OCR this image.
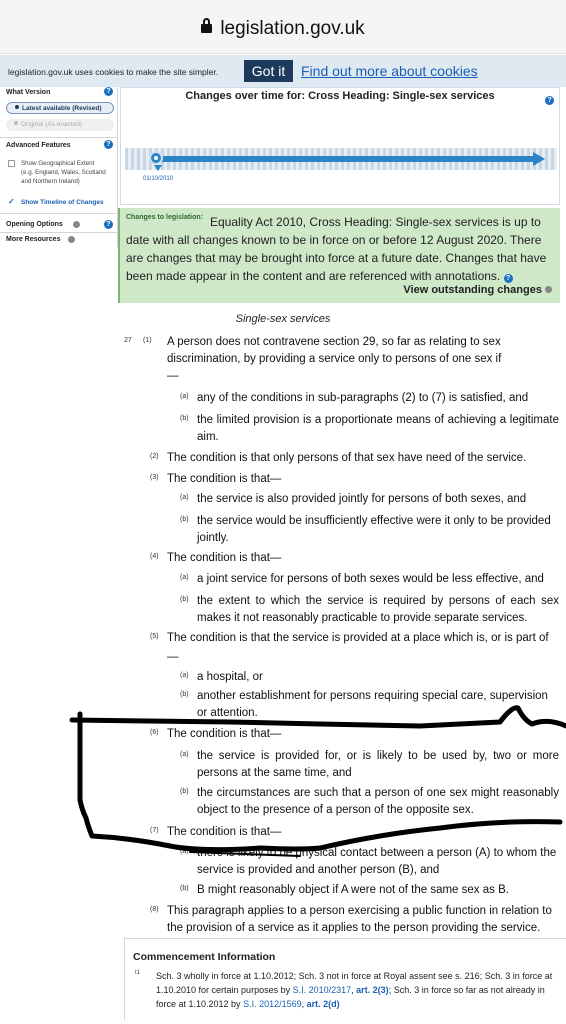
legislation.gov.uk
legislation.gov.uk uses cookies to make the site simpler.	Got it	Find out more about cookies
What Version	?
Latest available (Revised)
Original (As enacted)
Advanced Features	?
Show Geographical Extent
(e.g. England, Wales, Scotland
and Northern Ireland)
✓ Show Timeline of Changes
Opening Options	?
More Resources
Changes over time for: Cross Heading: Single-sex services	?
01/10/2010
Changes to legislation: Equality Act 2010, Cross Heading: Single-sex services is up to date with all changes known to be in force on or before 12 August 2020. There are changes that may be brought into force at a future date. Changes that have been made appear in the content and are referenced with annotations. ?
View outstanding changes
Single-sex services
27 (1) A person does not contravene section 29, so far as relating to sex discrimination, by providing a service only to persons of one sex if
—
(a) any of the conditions in sub-paragraphs (2) to (7) is satisfied, and
(b) the limited provision is a proportionate means of achieving a legitimate aim.
(2) The condition is that only persons of that sex have need of the service.
(3) The condition is that—
(a) the service is also provided jointly for persons of both sexes, and
(b) the service would be insufficiently effective were it only to be provided jointly.
(4) The condition is that—
(a) a joint service for persons of both sexes would be less effective, and
(b) the extent to which the service is required by persons of each sex makes it not reasonably practicable to provide separate services.
(5) The condition is that the service is provided at a place which is, or is part of
—
(a) a hospital, or
(b) another establishment for persons requiring special care, supervision or attention.
(6) The condition is that—
(a) the service is provided for, or is likely to be used by, two or more persons at the same time, and
(b) the circumstances are such that a person of one sex might reasonably object to the presence of a person of the opposite sex.
(7) The condition is that—
(a) there is likely to be physical contact between a person (A) to whom the service is provided and another person (B), and
(b) B might reasonably object if A were not of the same sex as B.
(8) This paragraph applies to a person exercising a public function in relation to the provision of a service as it applies to the person providing the service.
Commencement Information
I1 Sch. 3 wholly in force at 1.10.2012; Sch. 3 not in force at Royal assent see s. 216; Sch. 3 in force at 1.10.2010 for certain purposes by S.I. 2010/2317, art. 2(3); Sch. 3 in force so far as not already in force at 1.10.2012 by S.I. 2012/1569, art. 2(d)
